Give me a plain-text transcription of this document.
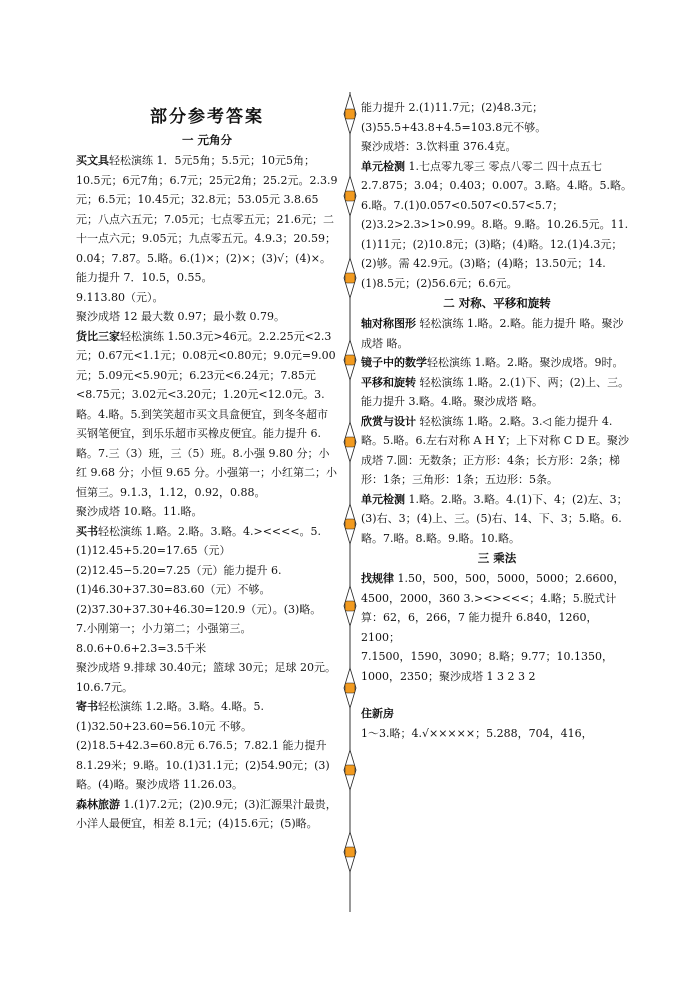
部分参考答案

一 元角分

买文具轻松演练 1．5元5角；5.5元；10元5角；10.5元；6元7角；6.7元；25元2角；25.2元。2.3.9元；6.5元；10.45元；32.8元；53.05元 3.8.65元；八点六五元；7.05元；七点零五元；21.6元；二十一点六元；9.05元；九点零五元。4.9.3；20.59；0.04；7.87。5.略。6.(1)×；(2)×；(3)√；(4)×。能力提升 7．10.5，0.55。

9.113.80（元）。

聚沙成塔 12 最大数 0.97；最小数 0.79。

货比三家轻松演练 1.50.3元>46元。2.2.25元<2.3元；0.67元<1.1元；0.08元<0.80元；9.0元=9.00元；5.09元<5.90元；6.23元<6.24元；7.85元<8.75元；3.02元<3.20元；1.20元<12.0元。3.略。4.略。5.到笑笑超市买文具盒便宜，到冬冬超市买钢笔便宜，到乐乐超市买橡皮便宜。能力提升 6.略。7.三（3）班，三（5）班。8.小强 9.80 分；小红 9.68 分；小恒 9.65 分。小强第一；小红第二；小恒第三。9.1.3，1.12，0.92，0.88。

聚沙成塔 10.略。11.略。

买书轻松演练 1.略。2.略。3.略。4.><<<<。5.(1)12.45+5.20=17.65（元）(2)12.45−5.20=7.25（元）能力提升 6.(1)46.30+37.30=83.60（元）不够。(2)37.30+37.30+46.30=120.9（元）。(3)略。

7.小刚第一；小力第二；小强第三。8.0.6+0.6+2.3=3.5千米

聚沙成塔 9.排球 30.40元；篮球 30元；足球 20元。10.6.7元。

寄书轻松演练 1.2.略。3.略。4.略。5.(1)32.50+23.60=56.10元 不够。(2)18.5+42.3=60.8元 6.76.5；7.82.1 能力提升 8.1.29米；9.略。10.(1)31.1元；(2)54.90元；(3)略。(4)略。聚沙成塔 11.26.03。

森林旅游 1.(1)7.2元；(2)0.9元；(3)汇源果汁最贵，小洋人最便宜，相差 8.1元；(4)15.6元；(5)略。

能力提升 2.(1)11.7元；(2)48.3元；(3)55.5+43.8+4.5=103.8元不够。

聚沙成塔：3.饮料重 376.4克。

单元检测 1.七点零九零三 零点八零二 四十点五七 2.7.875；3.04；0.403；0.007。3.略。4.略。5.略。6.略。7.(1)0.057<0.507<0.57<5.7；(2)3.2>2.3>1>0.99。8.略。9.略。10.26.5元。11.(1)11元；(2)10.8元；(3)略；(4)略。12.(1)4.3元；(2)够。需 42.9元。(3)略；(4)略；13.50元；14.(1)8.5元；(2)56.6元；6.6元。

二 对称、平移和旋转

轴对称图形 轻松演练 1.略。2.略。能力提升 略。聚沙成塔 略。

镜子中的数学轻松演练 1.略。2.略。聚沙成塔。9时。

平移和旋转 轻松演练 1.略。2.(1)下、两；(2)上、三。能力提升 3.略。4.略。聚沙成塔 略。

欣赏与设计 轻松演练 1.略。2.略。3.◁ 能力提升 4.略。5.略。6.左右对称 A H Y；上下对称 C D E。聚沙成塔 7.圆：无数条；正方形：4条；长方形：2条；梯形：1条；三角形：1条；五边形：5条。

单元检测 1.略。2.略。3.略。4.(1)下、4；(2)左、3；(3)右、3；(4)上、三。(5)右、14、下、3；5.略。6.略。7.略。8.略。9.略。10.略。

三 乘法

找规律 1.50，500，500，5000，5000；2.6600，4500，2000，360 3.><><<<；4.略；5.脱式计算：62，6，266，7 能力提升 6.840，1260，2100；

7.1500，1590，3090；8.略；9.77；10.1350，1000，2350；聚沙成塔 1 3 2 3 2

住新房

1～3.略；4.√×××××；5.288，704，416，
